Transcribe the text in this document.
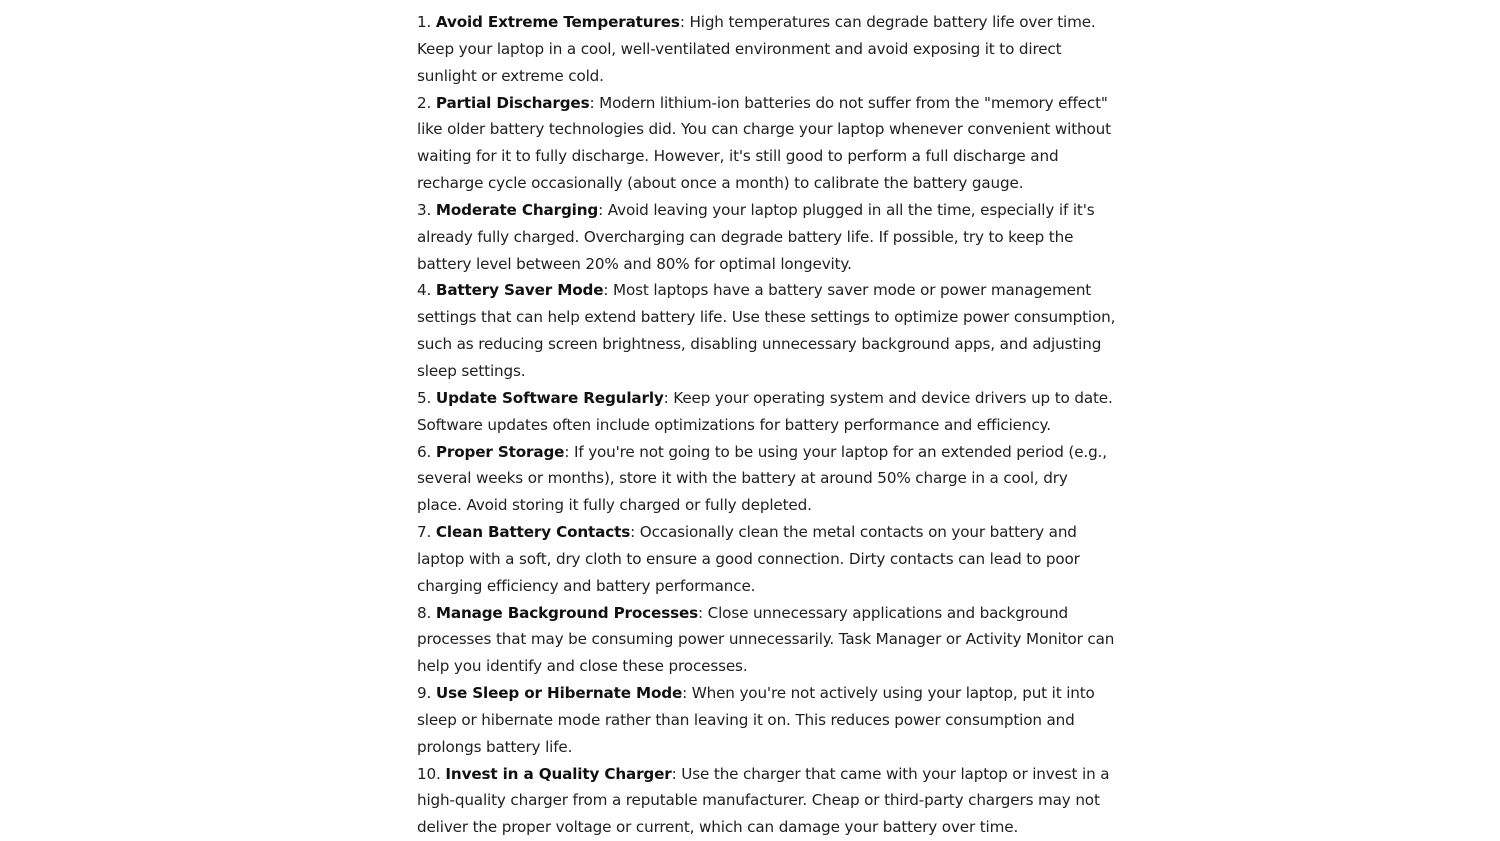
1. Avoid Extreme Temperatures: High temperatures can degrade battery life over time. Keep your laptop in a cool, well-ventilated environment and avoid exposing it to direct sunlight or extreme cold.

2. Partial Discharges: Modern lithium-ion batteries do not suffer from the "memory effect" like older battery technologies did. You can charge your laptop whenever convenient without waiting for it to fully discharge. However, it's still good to perform a full discharge and recharge cycle occasionally (about once a month) to calibrate the battery gauge.

3. Moderate Charging: Avoid leaving your laptop plugged in all the time, especially if it's already fully charged. Overcharging can degrade battery life. If possible, try to keep the battery level between 20% and 80% for optimal longevity.

4. Battery Saver Mode: Most laptops have a battery saver mode or power management settings that can help extend battery life. Use these settings to optimize power consumption, such as reducing screen brightness, disabling unnecessary background apps, and adjusting sleep settings.

5. Update Software Regularly: Keep your operating system and device drivers up to date. Software updates often include optimizations for battery performance and efficiency.

6. Proper Storage: If you're not going to be using your laptop for an extended period (e.g., several weeks or months), store it with the battery at around 50% charge in a cool, dry place. Avoid storing it fully charged or fully depleted.

7. Clean Battery Contacts: Occasionally clean the metal contacts on your battery and laptop with a soft, dry cloth to ensure a good connection. Dirty contacts can lead to poor charging efficiency and battery performance.

8. Manage Background Processes: Close unnecessary applications and background processes that may be consuming power unnecessarily. Task Manager or Activity Monitor can help you identify and close these processes.

9. Use Sleep or Hibernate Mode: When you're not actively using your laptop, put it into sleep or hibernate mode rather than leaving it on. This reduces power consumption and prolongs battery life.

10. Invest in a Quality Charger: Use the charger that came with your laptop or invest in a high-quality charger from a reputable manufacturer. Cheap or third-party chargers may not deliver the proper voltage or current, which can damage your battery over time.
